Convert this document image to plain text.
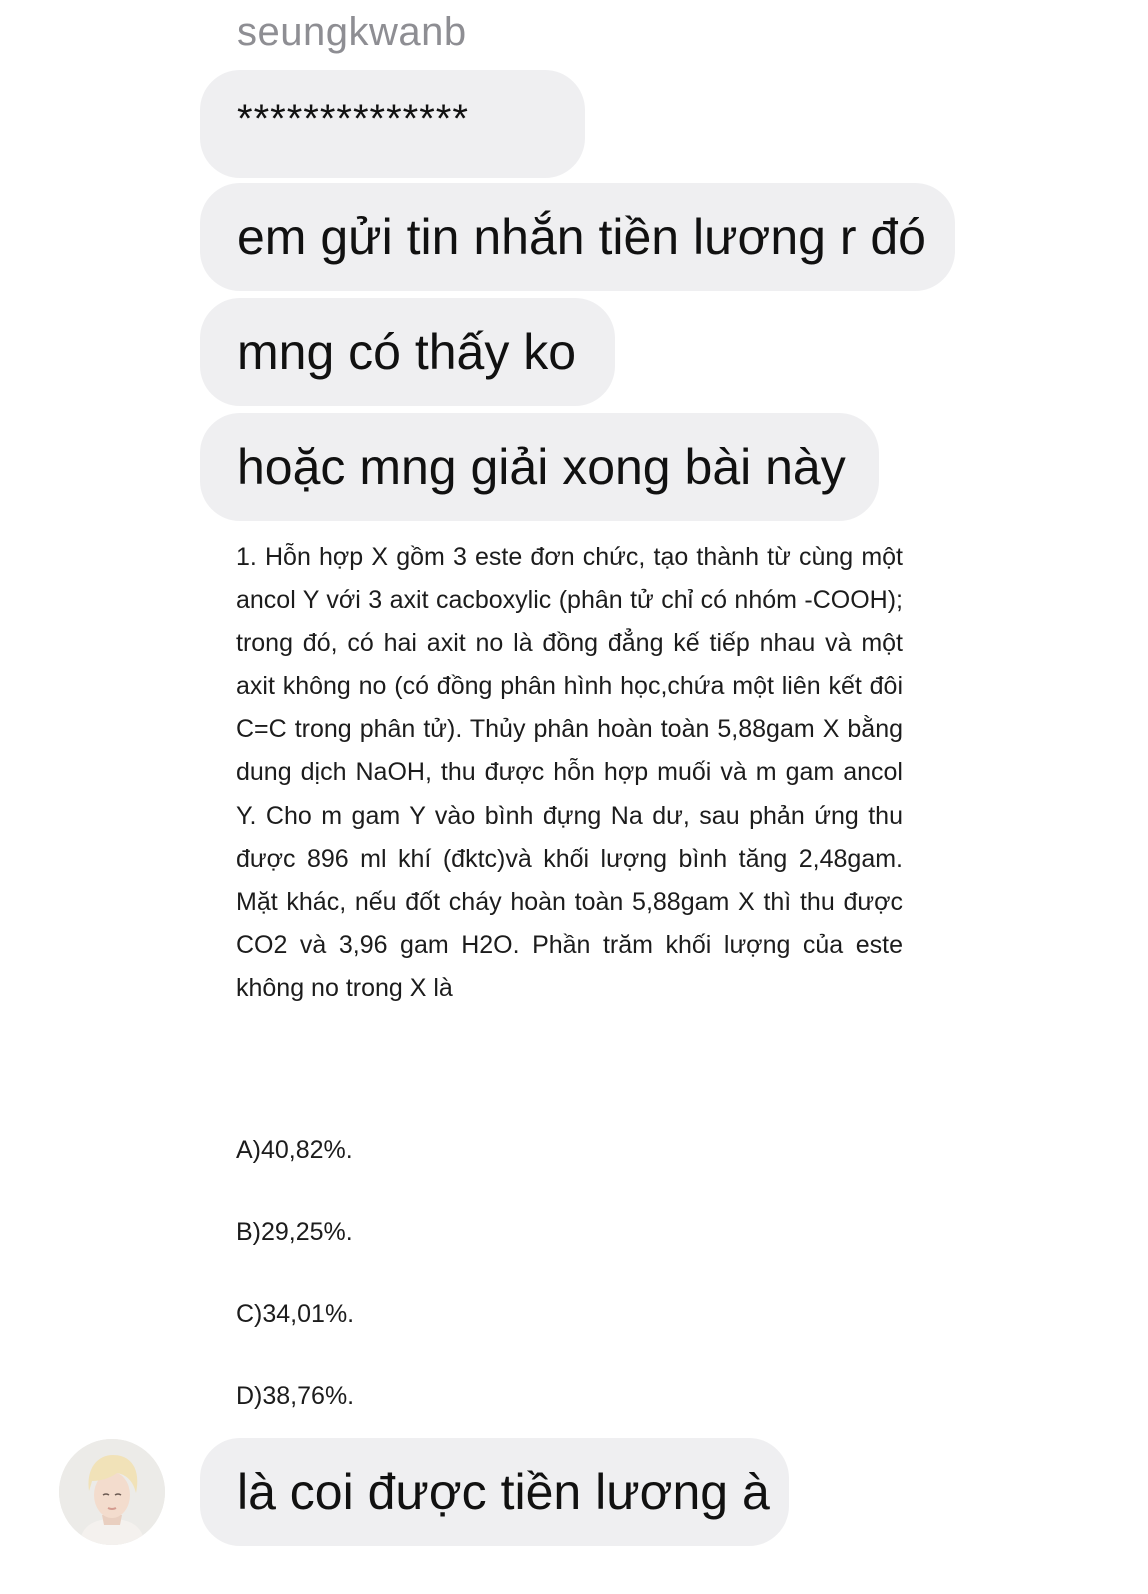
seungkwanb
**************
em gửi tin nhắn tiền lương r đó
mng có thấy ko
hoặc mng giải xong bài này
1. Hỗn hợp X gồm 3 este đơn chức, tạo thành từ cùng một ancol Y với 3 axit cacboxylic (phân tử chỉ có nhóm -COOH); trong đó, có hai axit no là đồng đẳng kế tiếp nhau và một axit không no (có đồng phân hình học,chứa một liên kết đôi C=C trong phân tử). Thủy phân hoàn toàn 5,88gam X bằng dung dịch NaOH, thu được hỗn hợp muối và m gam ancol Y. Cho m gam Y vào bình đựng Na dư, sau phản ứng thu được 896 ml khí (đktc)và khối lượng bình tăng 2,48gam. Mặt khác, nếu đốt cháy hoàn toàn 5,88gam X thì thu được CO2 và 3,96 gam H2O. Phần trăm khối lượng của este không no trong X là
A)40,82%.
B)29,25%.
C)34,01%.
D)38,76%.
là coi được tiền lương à
